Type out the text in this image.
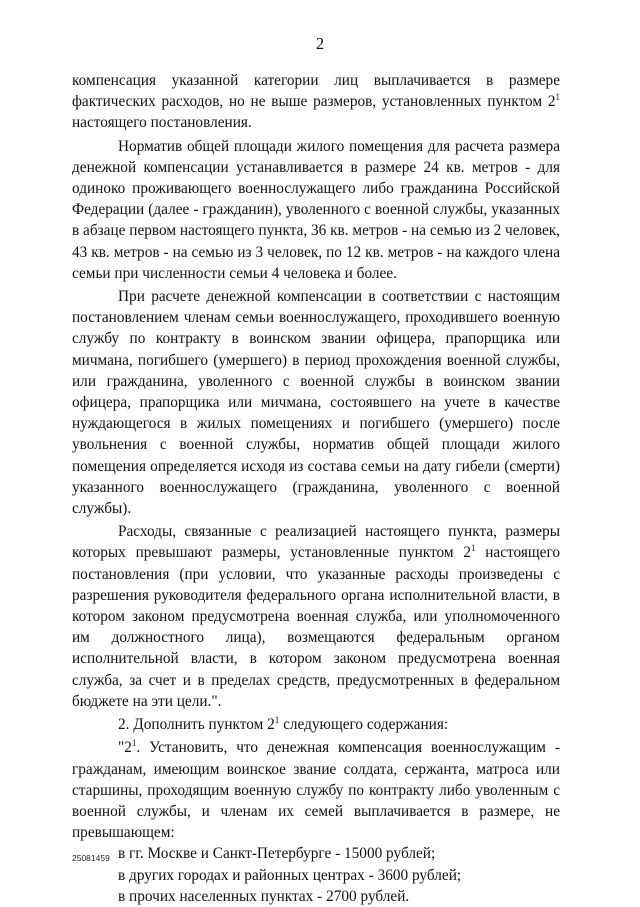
2

компенсация указанной категории лиц выплачивается в размере фактических расходов, но не выше размеров, установленных пунктом $2^1$ настоящего постановления.

Норматив общей площади жилого помещения для расчета размера денежной компенсации устанавливается в размере 24 кв. метров - для одиноко проживающего военнослужащего либо гражданина Российской Федерации (далее - гражданин), уволенного с военной службы, указанных в абзаце первом настоящего пункта, 36 кв. метров - на семью из 2 человек, 43 кв. метров - на семью из 3 человек, по 12 кв. метров - на каждого члена семьи при численности семьи 4 человека и более.

При расчете денежной компенсации в соответствии с настоящим постановлением членам семьи военнослужащего, проходившего военную службу по контракту в воинском звании офицера, прапорщика или мичмана, погибшего (умершего) в период прохождения военной службы, или гражданина, уволенного с военной службы в воинском звании офицера, прапорщика или мичмана, состоявшего на учете в качестве нуждающегося в жилых помещениях и погибшего (умершего) после увольнения с военной службы, норматив общей площади жилого помещения определяется исходя из состава семьи на дату гибели (смерти) указанного военнослужащего (гражданина, уволенного с военной службы).

Расходы, связанные с реализацией настоящего пункта, размеры которых превышают размеры, установленные пунктом $2^1$ настоящего постановления (при условии, что указанные расходы произведены с разрешения руководителя федерального органа исполнительной власти, в котором законом предусмотрена военная служба, или уполномоченного им должностного лица), возмещаются федеральным органом исполнительной власти, в котором законом предусмотрена военная служба, за счет и в пределах средств, предусмотренных в федеральном бюджете на эти цели.".

2. Дополнить пунктом $2^1$ следующего содержания:

"$2^1$. Установить, что денежная компенсация военнослужащим - гражданам, имеющим воинское звание солдата, сержанта, матроса или старшины, проходящим военную службу по контракту либо уволенным с военной службы, и членам их семей выплачивается в размере, не превышающем:

в гг. Москве и Санкт-Петербурге - 15000 рублей;

в других городах и районных центрах - 3600 рублей;

в прочих населенных пунктах - 2700 рублей.

25081459
